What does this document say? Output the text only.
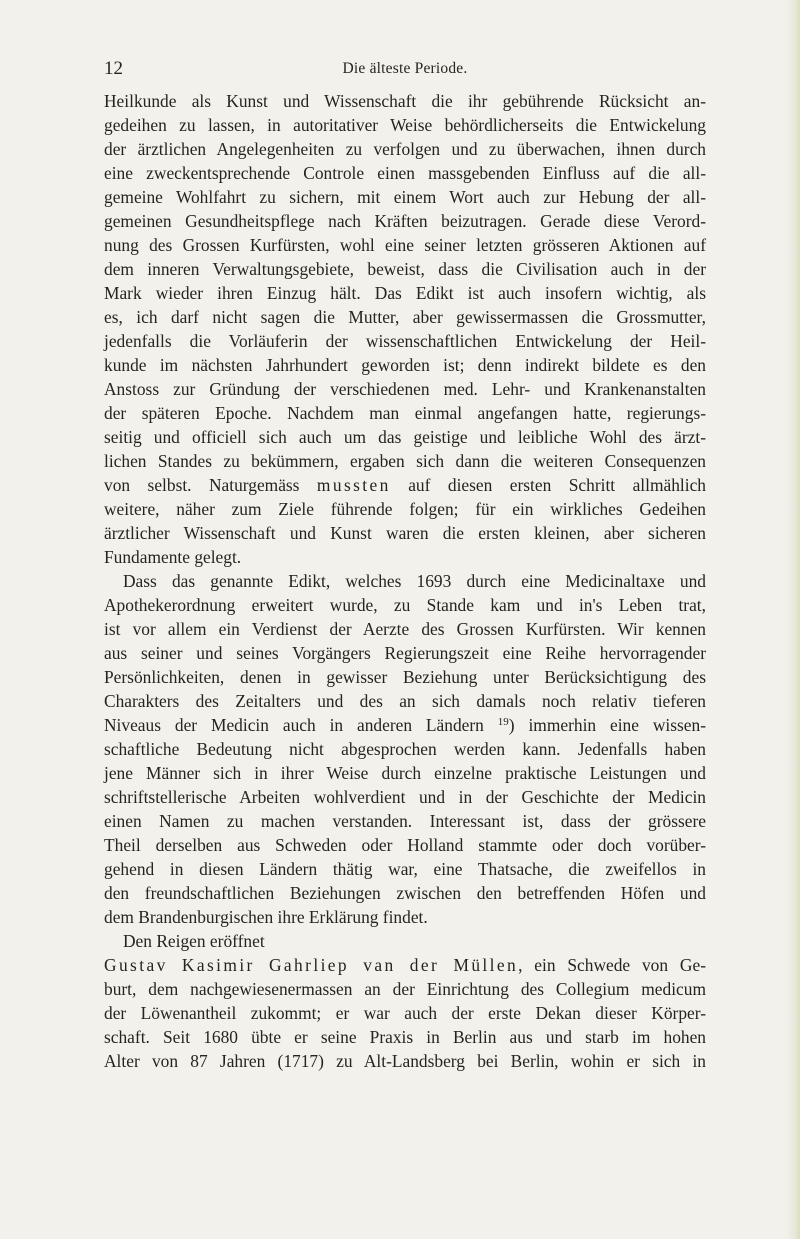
12	Die älteste Periode.

Heilkunde als Kunst und Wissenschaft die ihr gebührende Rücksicht an-
gedeihen zu lassen, in autoritativer Weise behördlicherseits die Entwickelung
der ärztlichen Angelegenheiten zu verfolgen und zu überwachen, ihnen durch
eine zweckentsprechende Controle einen massgebenden Einfluss auf die all-
gemeine Wohlfahrt zu sichern, mit einem Wort auch zur Hebung der all-
gemeinen Gesundheitspflege nach Kräften beizutragen. Gerade diese Verord-
nung des Grossen Kurfürsten, wohl eine seiner letzten grösseren Aktionen auf
dem inneren Verwaltungsgebiete, beweist, dass die Civilisation auch in der
Mark wieder ihren Einzug hält. Das Edikt ist auch insofern wichtig, als
es, ich darf nicht sagen die Mutter, aber gewissermassen die Grossmutter,
jedenfalls die Vorläuferin der wissenschaftlichen Entwickelung der Heil-
kunde im nächsten Jahrhundert geworden ist; denn indirekt bildete es den
Anstoss zur Gründung der verschiedenen med. Lehr- und Krankenanstalten
der späteren Epoche. Nachdem man einmal angefangen hatte, regierungs-
seitig und officiell sich auch um das geistige und leibliche Wohl des ärzt-
lichen Standes zu bekümmern, ergaben sich dann die weiteren Consequenzen
von selbst. Naturgemäss mussten auf diesen ersten Schritt allmählich
weitere, näher zum Ziele führende folgen; für ein wirkliches Gedeihen
ärztlicher Wissenschaft und Kunst waren die ersten kleinen, aber sicheren
Fundamente gelegt.

Dass das genannte Edikt, welches 1693 durch eine Medicinaltaxe und
Apothekerordnung erweitert wurde, zu Stande kam und in's Leben trat,
ist vor allem ein Verdienst der Aerzte des Grossen Kurfürsten. Wir kennen
aus seiner und seines Vorgängers Regierungszeit eine Reihe hervorragender
Persönlichkeiten, denen in gewisser Beziehung unter Berücksichtigung des
Charakters des Zeitalters und des an sich damals noch relativ tieferen
Niveaus der Medicin auch in anderen Ländern $^{19}$) immerhin eine wissen-
schaftliche Bedeutung nicht abgesprochen werden kann. Jedenfalls haben
jene Männer sich in ihrer Weise durch einzelne praktische Leistungen und
schriftstellerische Arbeiten wohlverdient und in der Geschichte der Medicin
einen Namen zu machen verstanden. Interessant ist, dass der grössere
Theil derselben aus Schweden oder Holland stammte oder doch vorüber-
gehend in diesen Ländern thätig war, eine Thatsache, die zweifellos in
den freundschaftlichen Beziehungen zwischen den betreffenden Höfen und
dem Brandenburgischen ihre Erklärung findet.

Den Reigen eröffnet

Gustav Kasimir Gahrliep van der Müllen, ein Schwede von Ge-
burt, dem nachgewiesenermassen an der Einrichtung des Collegium medicum
der Löwenantheil zukommt; er war auch der erste Dekan dieser Körper-
schaft. Seit 1680 übte er seine Praxis in Berlin aus und starb im hohen
Alter von 87 Jahren (1717) zu Alt-Landsberg bei Berlin, wohin er sich in
